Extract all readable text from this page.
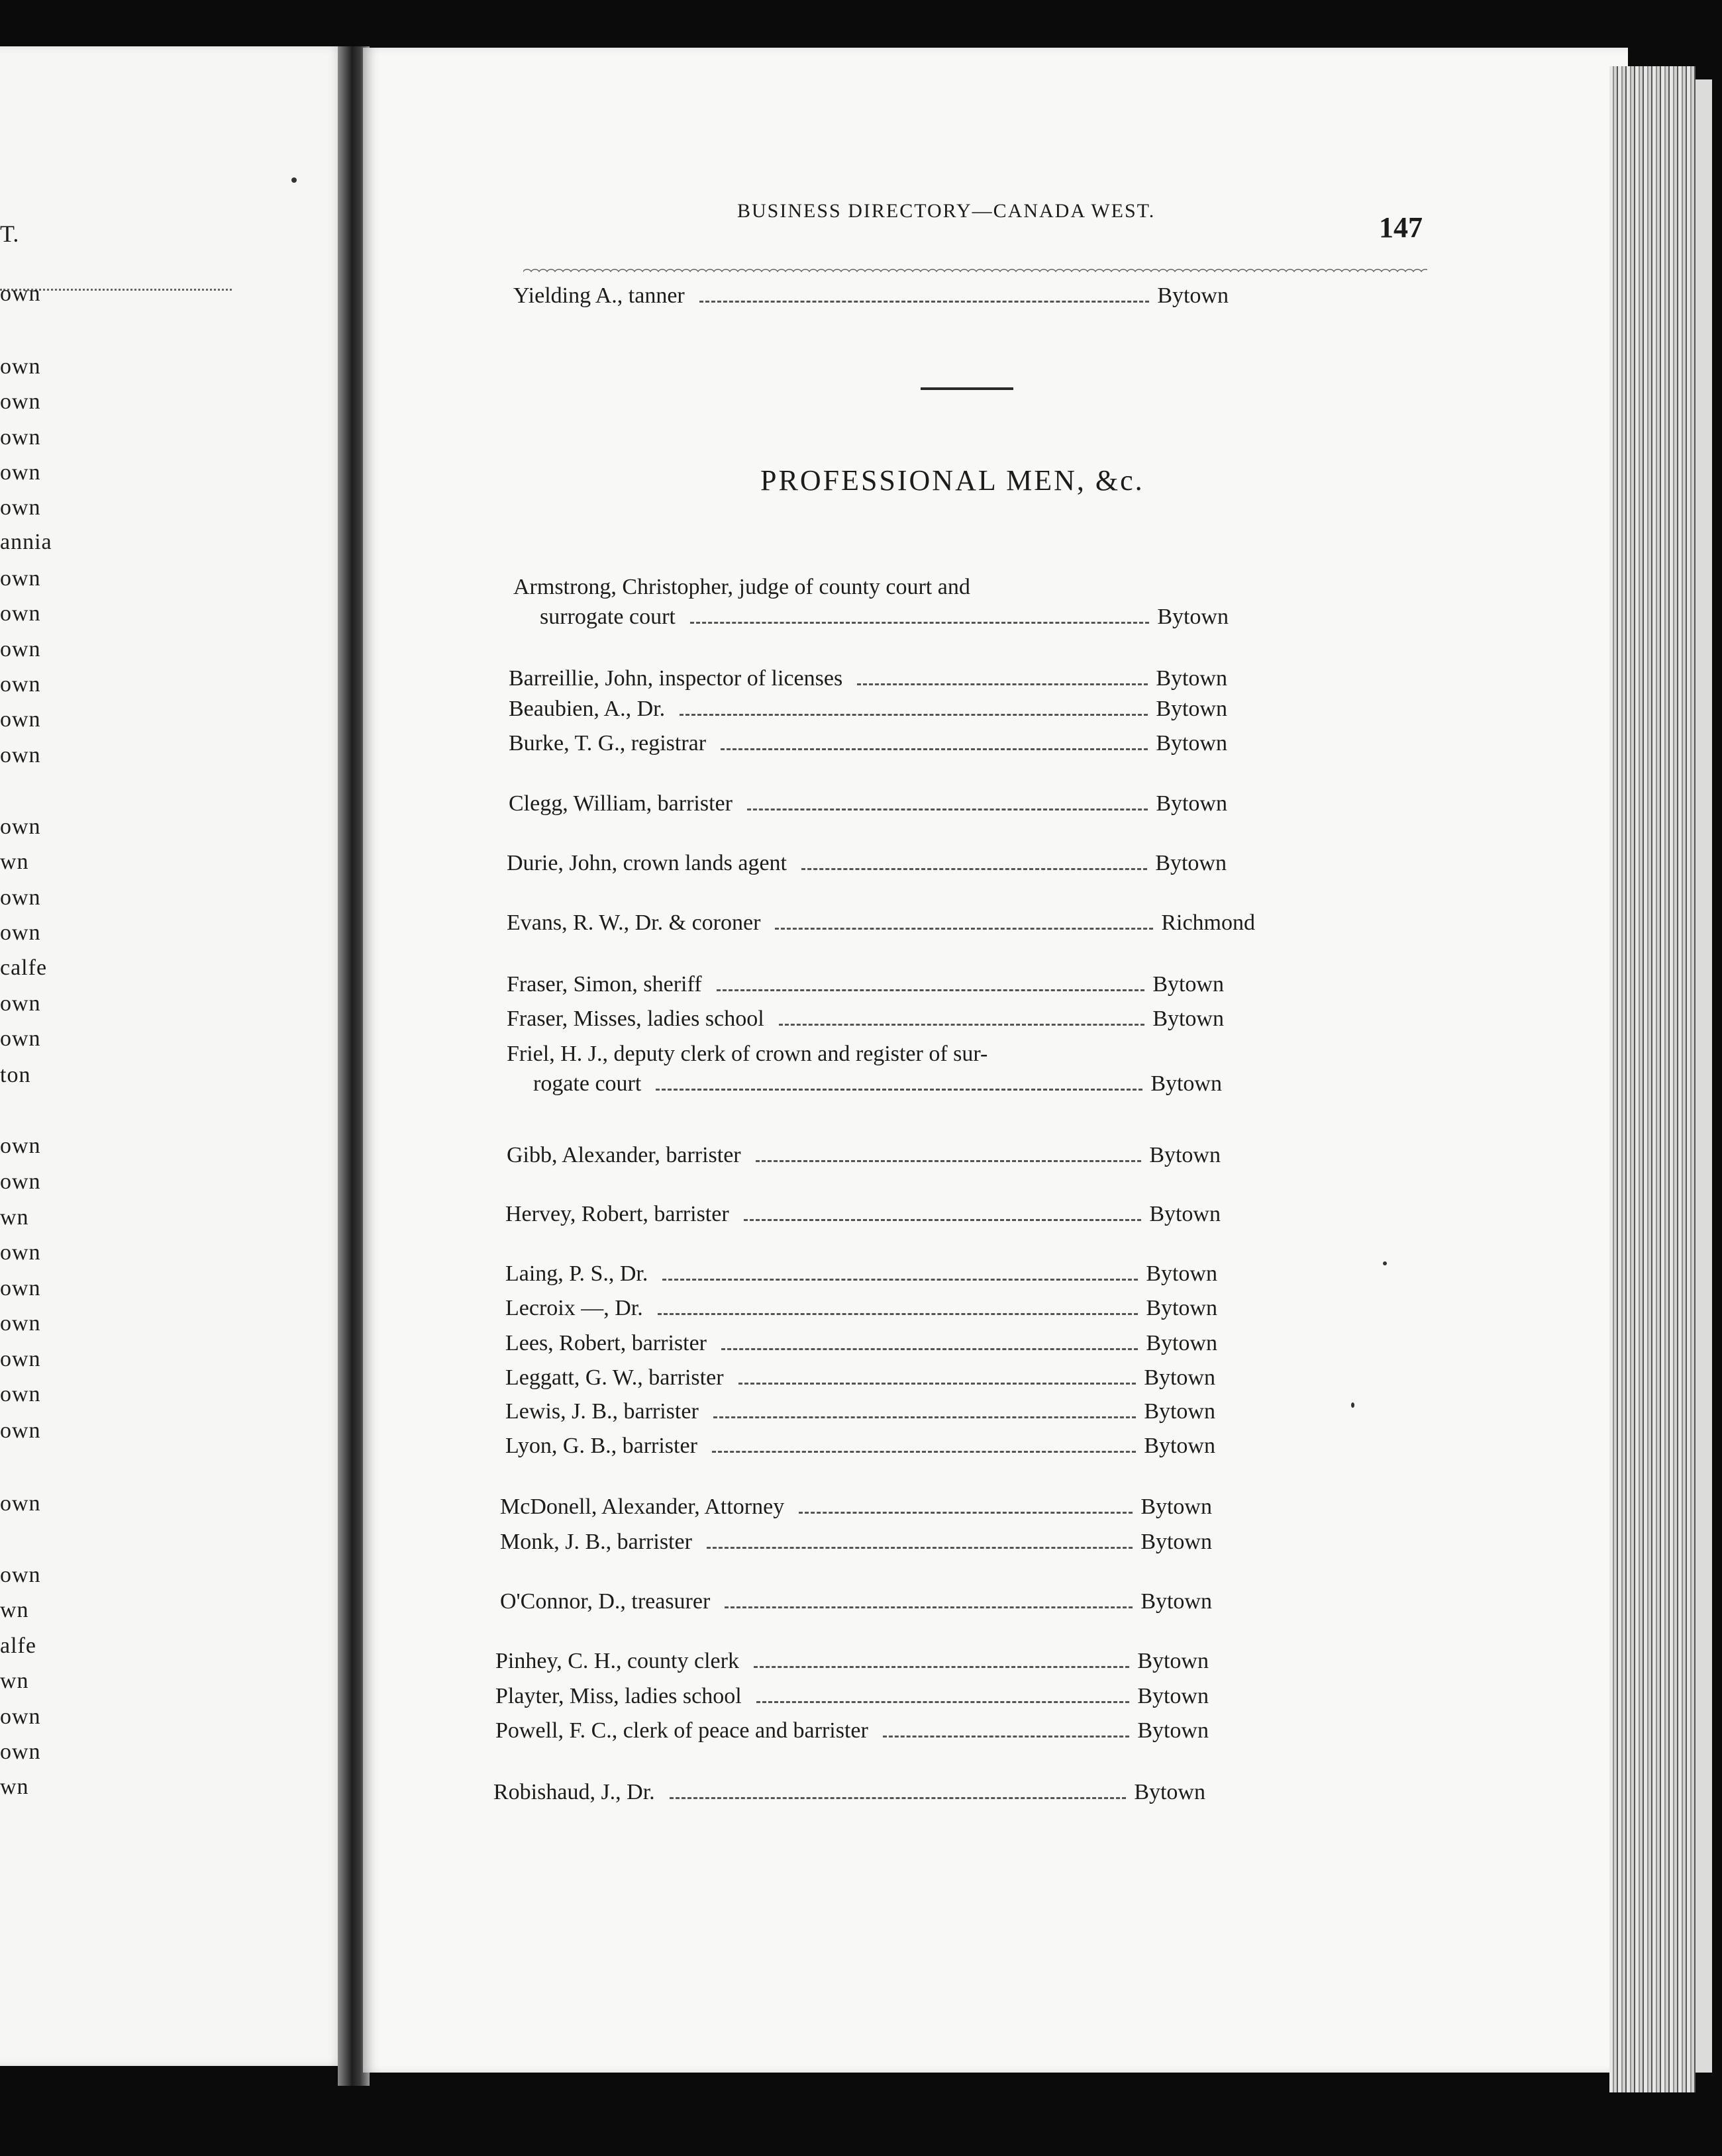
T.
own
own
own
own
own
own
annia
own
own
own
own
own
own
own
wn
own
own
calfe
own
own
ton
own
own
wn
own
own
own
own
own
own
own
own
wn
alfe
wn
own
own
wn
BUSINESS DIRECTORY—CANADA WEST.
147
Yielding A., tanner	Bytown
PROFESSIONAL MEN, &c.
Armstrong, Christopher, judge of county court and
surrogate court	Bytown
Barreillie, John, inspector of licenses	Bytown
Beaubien, A., Dr.	Bytown
Burke, T. G., registrar	Bytown
Clegg, William, barrister	Bytown
Durie, John, crown lands agent	Bytown
Evans, R. W., Dr. & coroner	Richmond
Fraser, Simon, sheriff	Bytown
Fraser, Misses, ladies school	Bytown
Friel, H. J., deputy clerk of crown and register of sur-
rogate court	Bytown
Gibb, Alexander, barrister	Bytown
Hervey, Robert, barrister	Bytown
Laing, P. S., Dr.	Bytown
Lecroix —, Dr.	Bytown
Lees, Robert, barrister	Bytown
Leggatt, G. W., barrister	Bytown
Lewis, J. B., barrister	Bytown
Lyon, G. B., barrister	Bytown
McDonell, Alexander, Attorney	Bytown
Monk, J. B., barrister	Bytown
O'Connor, D., treasurer	Bytown
Pinhey, C. H., county clerk	Bytown
Playter, Miss, ladies school	Bytown
Powell, F. C., clerk of peace and barrister	Bytown
Robishaud, J., Dr.	Bytown
